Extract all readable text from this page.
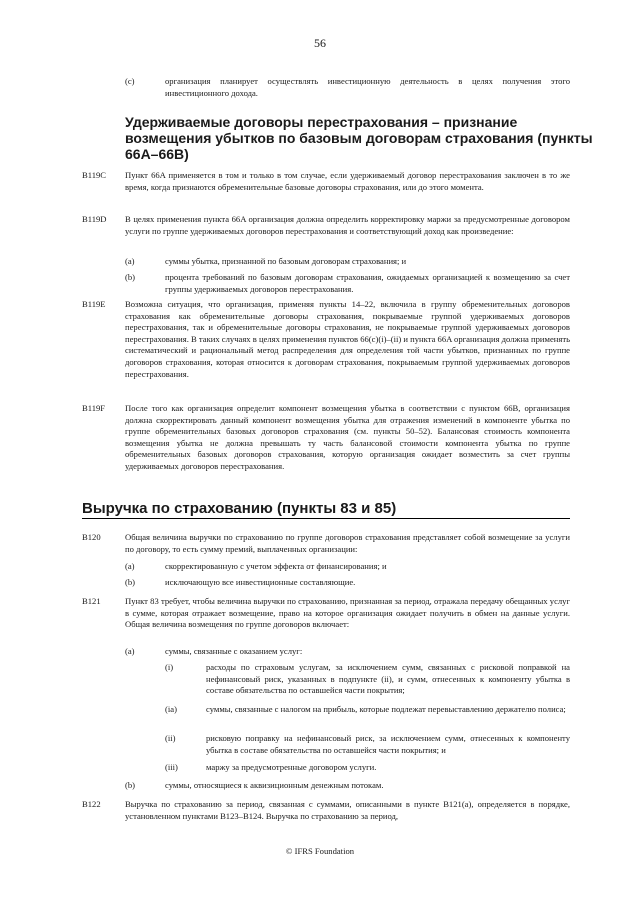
56
(c)	организация планирует осуществлять инвестиционную деятельность в целях получения этого инвестиционного дохода.
Удерживаемые договоры перестрахования – признание возмещения убытков по базовым договорам страхования (пункты 66A–66B)
B119C Пункт 66A применяется в том и только в том случае, если удерживаемый договор перестрахования заключен в то же время, когда признаются обременительные базовые договоры страхования, или до этого момента.
B119D В целях применения пункта 66A организация должна определить корректировку маржи за предусмотренные договором услуги по группе удерживаемых договоров перестрахования и соответствующий доход как произведение:
(a)	суммы убытка, признанной по базовым договорам страхования; и
(b)	процента требований по базовым договорам страхования, ожидаемых организацией к возмещению за счет группы удерживаемых договоров перестрахования.
B119E Возможна ситуация, что организация, применяя пункты 14–22, включила в группу обременительных договоров страхования как обременительные договоры страхования, покрываемые группой удерживаемых договоров перестрахования, так и обременительные договоры страхования, не покрываемые группой удерживаемых договоров перестрахования. В таких случаях в целях применения пунктов 66(c)(i)–(ii) и пункта 66A организация должна применять систематический и рациональный метод распределения для определения той части убытков, признанных по группе договоров страхования, которая относится к договорам страхования, покрываемым группой удерживаемых договоров перестрахования.
B119F После того как организация определит компонент возмещения убытка в соответствии с пунктом 66B, организация должна скорректировать данный компонент возмещения убытка для отражения изменений в компоненте убытка по группе обременительных базовых договоров страхования (см. пункты 50–52). Балансовая стоимость компонента возмещения убытка не должна превышать ту часть балансовой стоимости компонента убытка по группе обременительных базовых договоров страхования, которую организация ожидает возместить за счет группы удерживаемых договоров перестрахования.
Выручка по страхованию (пункты 83 и 85)
B120	Общая величина выручки по страхованию по группе договоров страхования представляет собой возмещение за услуги по договору, то есть сумму премий, выплаченных организации:
(a)	скорректированную с учетом эффекта от финансирования; и
(b)	исключающую все инвестиционные составляющие.
B121	Пункт 83 требует, чтобы величина выручки по страхованию, признанная за период, отражала передачу обещанных услуг в сумме, которая отражает возмещение, право на которое организация ожидает получить в обмен на данные услуги. Общая величина возмещения по группе договоров включает:
(a)	суммы, связанные с оказанием услуг:
(i)	расходы по страховым услугам, за исключением сумм, связанных с рисковой поправкой на нефинансовый риск, указанных в подпункте (ii), и сумм, отнесенных к компоненту убытка в составе обязательства по оставшейся части покрытия;
(ia)	суммы, связанные с налогом на прибыль, которые подлежат перевыставлению держателю полиса;
(ii)	рисковую поправку на нефинансовый риск, за исключением сумм, отнесенных к компоненту убытка в составе обязательства по оставшейся части покрытия; и
(iii)	маржу за предусмотренные договором услуги.
(b)	суммы, относящиеся к аквизиционным денежным потокам.
B122	Выручка по страхованию за период, связанная с суммами, описанными в пункте B121(a), определяется в порядке, установленном пунктами B123–B124. Выручка по страхованию за период,
© IFRS Foundation
